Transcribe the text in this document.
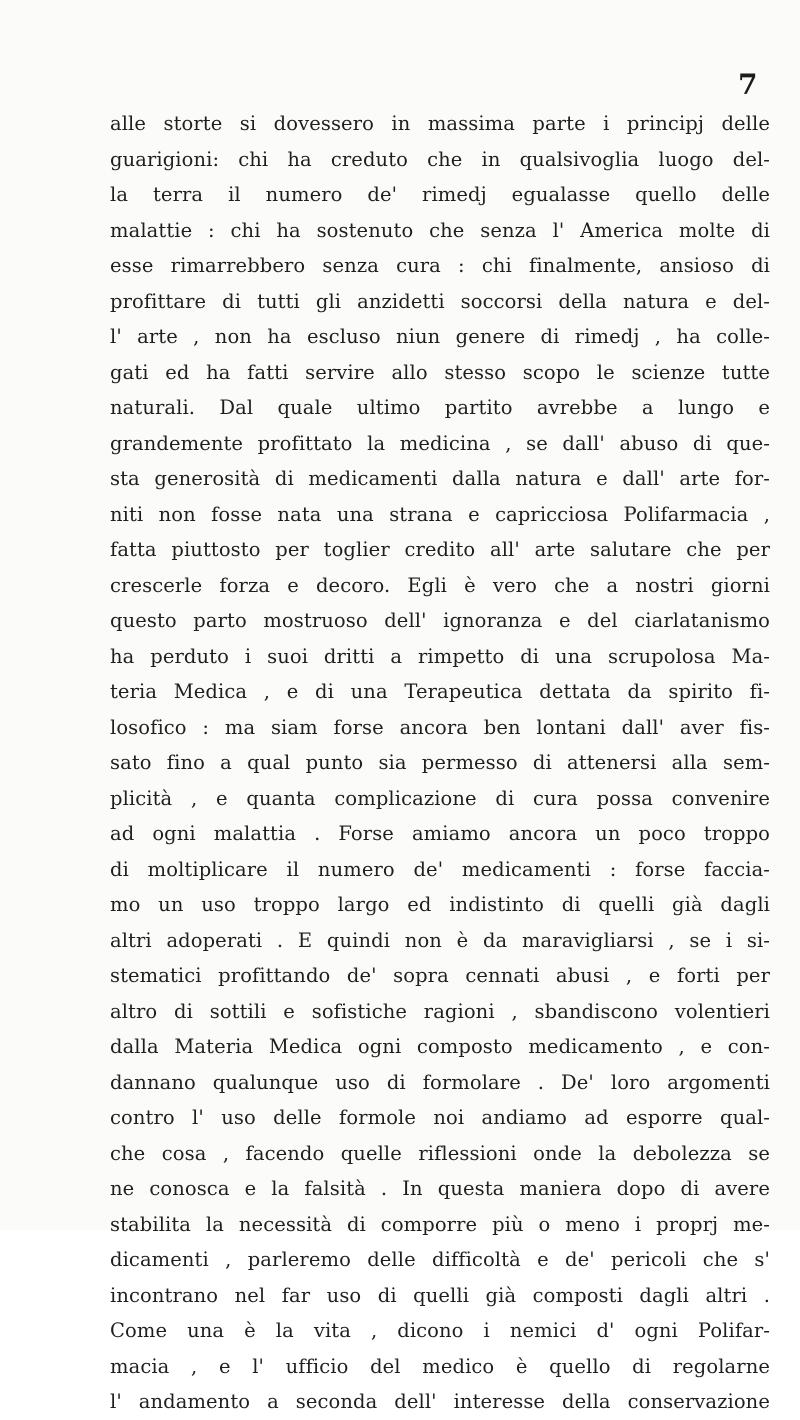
7
alle storte si dovessero in massima parte i principj delle
guarigioni: chi ha creduto che in qualsivoglia luogo del-
la terra il numero de' rimedj egualasse quello delle
malattie : chi ha sostenuto che senza l' America molte di
esse rimarrebbero senza cura : chi finalmente, ansioso di
profittare di tutti gli anzidetti soccorsi della natura e del-
l' arte , non ha escluso niun genere di rimedj , ha colle-
gati ed ha fatti servire allo stesso scopo le scienze tutte
naturali. Dal quale ultimo partito avrebbe a lungo e
grandemente profittato la medicina , se dall' abuso di que-
sta generosità di medicamenti dalla natura e dall' arte for-
niti non fosse nata una strana e capricciosa Polifarmacia ,
fatta piuttosto per toglier credito all' arte salutare che per
crescerle forza e decoro. Egli è vero che a nostri giorni
questo parto mostruoso dell' ignoranza e del ciarlatanismo
ha perduto i suoi dritti a rimpetto di una scrupolosa Ma-
teria Medica , e di una Terapeutica dettata da spirito fi-
losofico : ma siam forse ancora ben lontani dall' aver fis-
sato fino a qual punto sia permesso di attenersi alla sem-
plicità , e quanta complicazione di cura possa convenire
ad ogni malattia . Forse amiamo ancora un poco troppo
di moltiplicare il numero de' medicamenti : forse faccia-
mo un uso troppo largo ed indistinto di quelli già dagli
altri adoperati . E quindi non è da maravigliarsi , se i si-
stematici profittando de' sopra cennati abusi , e forti per
altro di sottili e sofistiche ragioni , sbandiscono volentieri
dalla Materia Medica ogni composto medicamento , e con-
dannano qualunque uso di formolare . De' loro argomenti
contro l' uso delle formole noi andiamo ad esporre qual-
che cosa , facendo quelle riflessioni onde la debolezza se
ne conosca e la falsità . In questa maniera dopo di avere
stabilita la necessità di comporre più o meno i proprj me-
dicamenti , parleremo delle difficoltà e de' pericoli che s'
incontrano nel far uso di quelli già composti dagli altri .
Come una è la vita , dicono i nemici d' ogni Polifar-
macia , e l' ufficio del medico è quello di regolarne
l' andamento a seconda dell' interesse della conservazione
